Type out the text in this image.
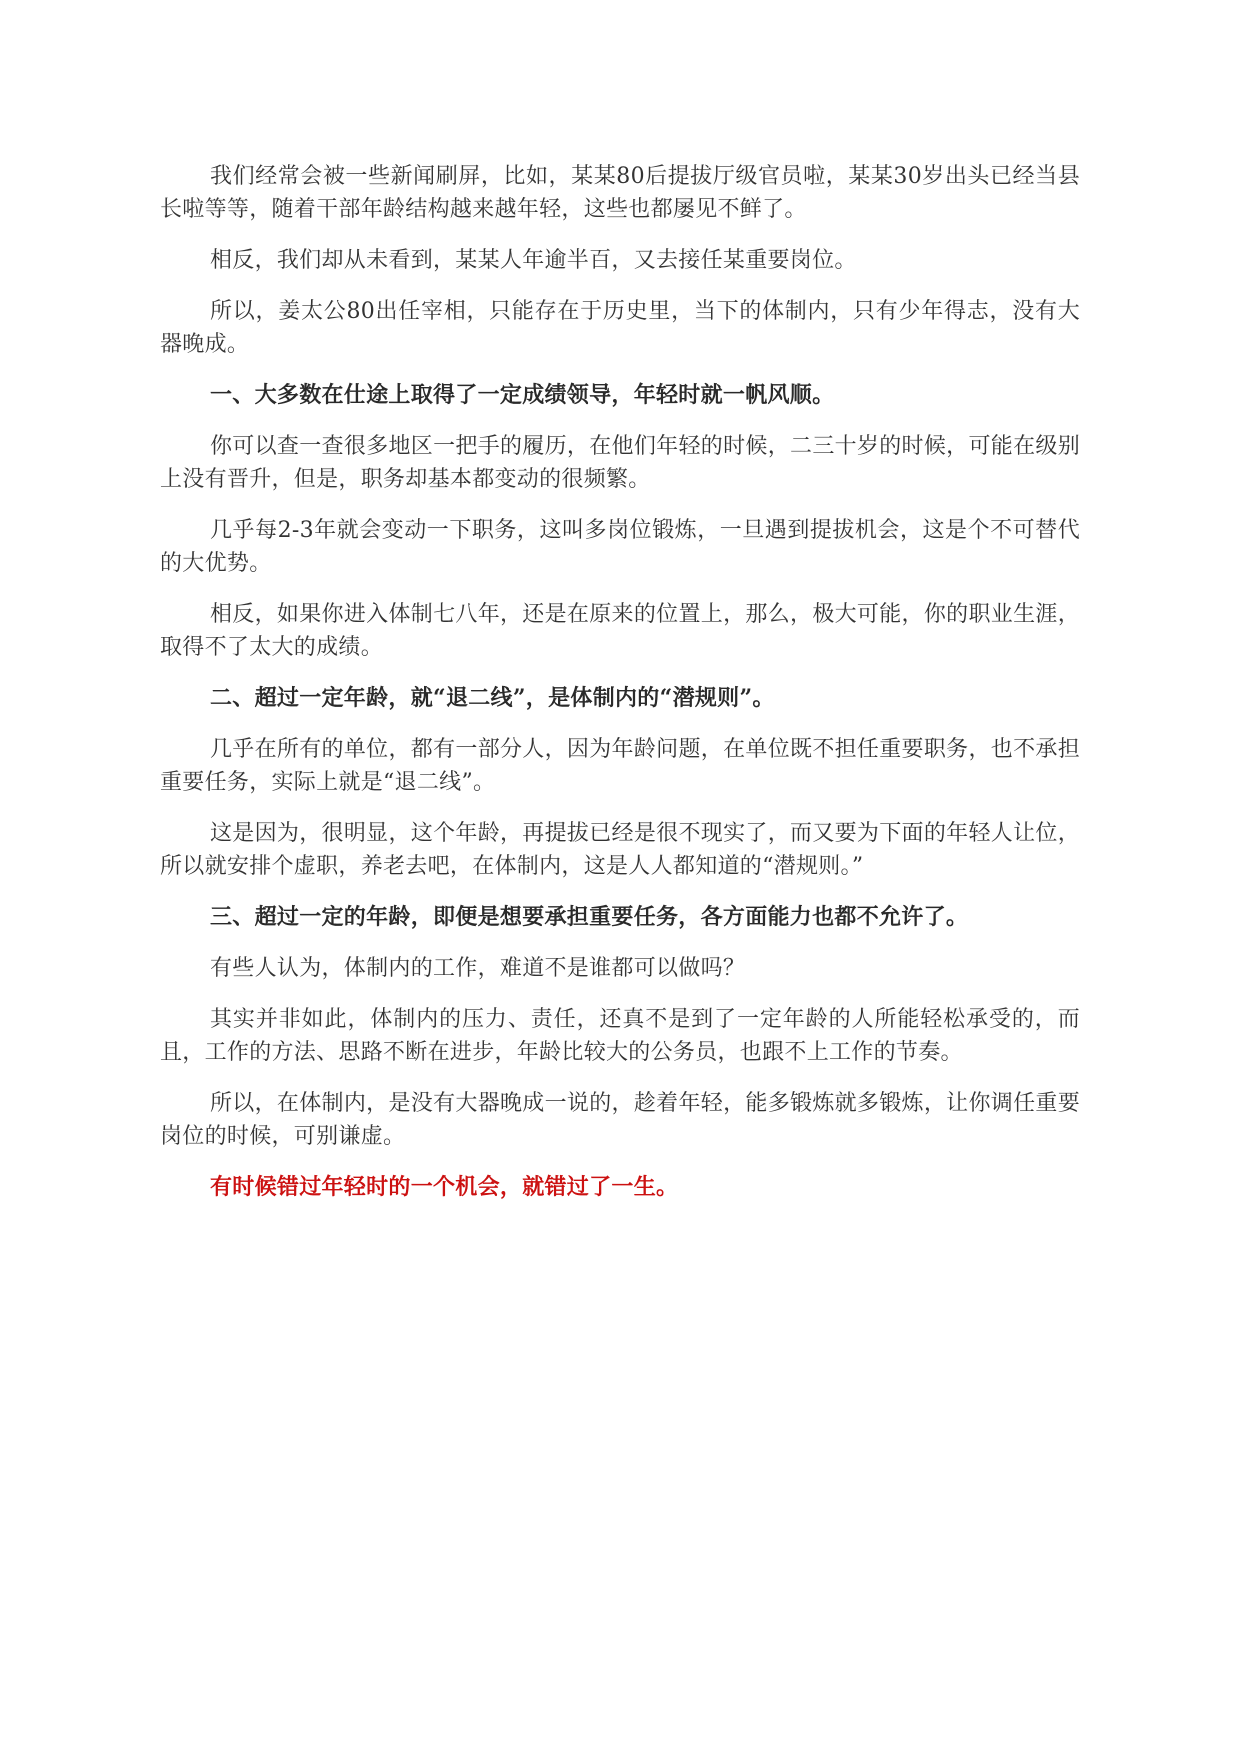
我们经常会被一些新闻刷屏，比如，某某80后提拔厅级官员啦，某某30岁出头已经当县长啦等等，随着干部年龄结构越来越年轻，这些也都屡见不鲜了。

相反，我们却从未看到，某某人年逾半百，又去接任某重要岗位。

所以，姜太公80出任宰相，只能存在于历史里，当下的体制内，只有少年得志，没有大器晚成。

一、大多数在仕途上取得了一定成绩领导，年轻时就一帆风顺。

你可以查一查很多地区一把手的履历，在他们年轻的时候，二三十岁的时候，可能在级别上没有晋升，但是，职务却基本都变动的很频繁。

几乎每2-3年就会变动一下职务，这叫多岗位锻炼，一旦遇到提拔机会，这是个不可替代的大优势。

相反，如果你进入体制七八年，还是在原来的位置上，那么，极大可能，你的职业生涯，取得不了太大的成绩。

二、超过一定年龄，就“退二线”，是体制内的“潜规则”。

几乎在所有的单位，都有一部分人，因为年龄问题，在单位既不担任重要职务，也不承担重要任务，实际上就是“退二线”。

这是因为，很明显，这个年龄，再提拔已经是很不现实了，而又要为下面的年轻人让位，所以就安排个虚职，养老去吧，在体制内，这是人人都知道的“潜规则。”

三、超过一定的年龄，即便是想要承担重要任务，各方面能力也都不允许了。

有些人认为，体制内的工作，难道不是谁都可以做吗？

其实并非如此，体制内的压力、责任，还真不是到了一定年龄的人所能轻松承受的，而且，工作的方法、思路不断在进步，年龄比较大的公务员，也跟不上工作的节奏。

所以，在体制内，是没有大器晚成一说的，趁着年轻，能多锻炼就多锻炼，让你调任重要岗位的时候，可别谦虚。

有时候错过年轻时的一个机会，就错过了一生。
